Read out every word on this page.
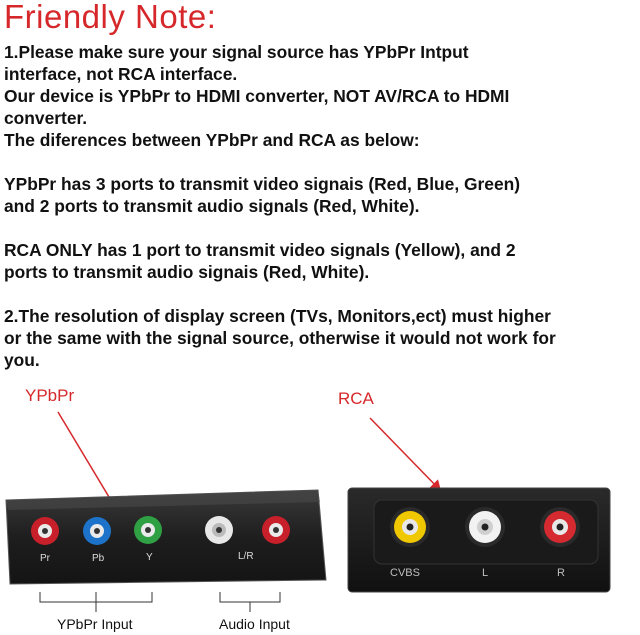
Friendly Note:
1.Please make sure your signal source has YPbPr Intput
interface, not RCA interface.
Our device is YPbPr to HDMI converter, NOT AV/RCA to HDMI
converter.
The diferences between YPbPr and RCA as below:
YPbPr has 3 ports to transmit video signais (Red, Blue, Green)
and 2 ports to transmit audio signals (Red, White).
RCA ONLY has 1 port to transmit video signals (Yellow), and 2
ports to transmit audio signais (Red, White).
2.The resolution of display screen (TVs, Monitors,ect) must higher
or the same with the signal source, otherwise it would not work for
you.
YPbPr	RCA
Pr	Pb	Y	L/R
CVBS	L	R
YPbPr Input	Audio Input
